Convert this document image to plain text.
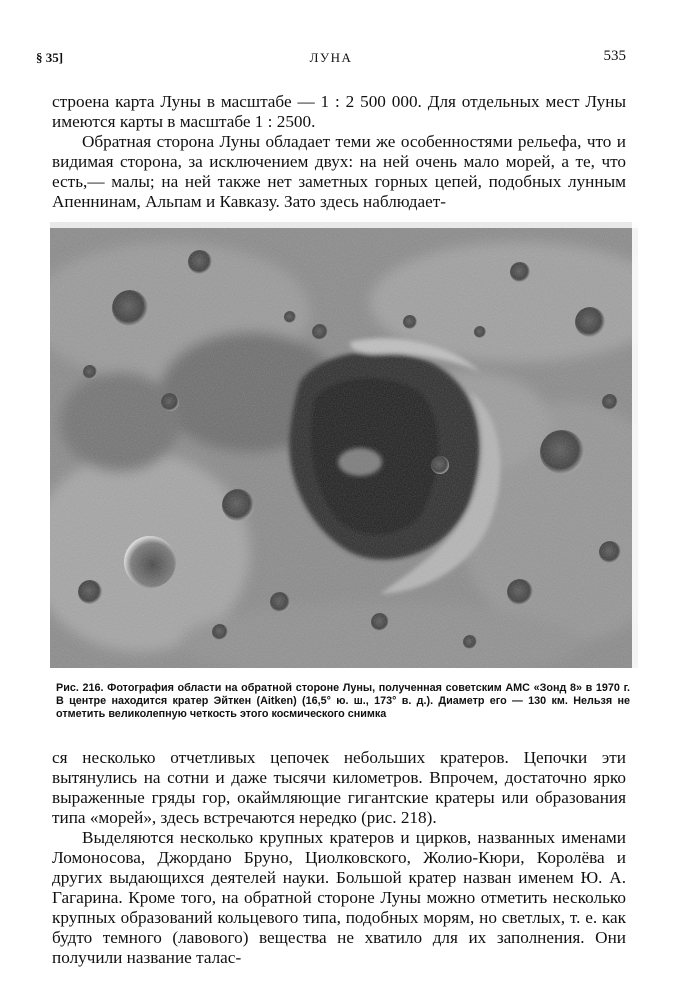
§ 35]	ЛУНА	535

строена карта Луны в масштабе — 1 : 2 500 000. Для отдельных мест Луны имеются карты в масштабе 1 : 2500.

Обратная сторона Луны обладает теми же особенностями рельефа, что и видимая сторона, за исключением двух: на ней очень мало морей, а те, что есть,— малы; на ней также нет заметных горных цепей, подобных лунным Апеннинам, Альпам и Кавказу. Зато здесь наблюдает-

Рис. 216. Фотография области на обратной стороне Луны, полученная советским АМС «Зонд 8» в 1970 г. В центре находится кратер Эйткен (Aitken) (16,5° ю. ш., 173° в. д.). Диаметр его — 130 км. Нельзя не отметить великолепную четкость этого космического снимка

ся несколько отчетливых цепочек небольших кратеров. Цепочки эти вытянулись на сотни и даже тысячи километров. Впрочем, достаточно ярко выраженные гряды гор, окаймляющие гигантские кратеры или образования типа «морей», здесь встречаются нередко (рис. 218).

Выделяются несколько крупных кратеров и цирков, названных именами Ломоносова, Джордано Бруно, Циолковского, Жолио-Кюри, Королёва и других выдающихся деятелей науки. Большой кратер назван именем Ю. А. Гагарина. Кроме того, на обратной стороне Луны можно отметить несколько крупных образований кольцевого типа, подобных морям, но светлых, т. е. как будто темного (лавового) вещества не хватило для их заполнения. Они получили название талас-
